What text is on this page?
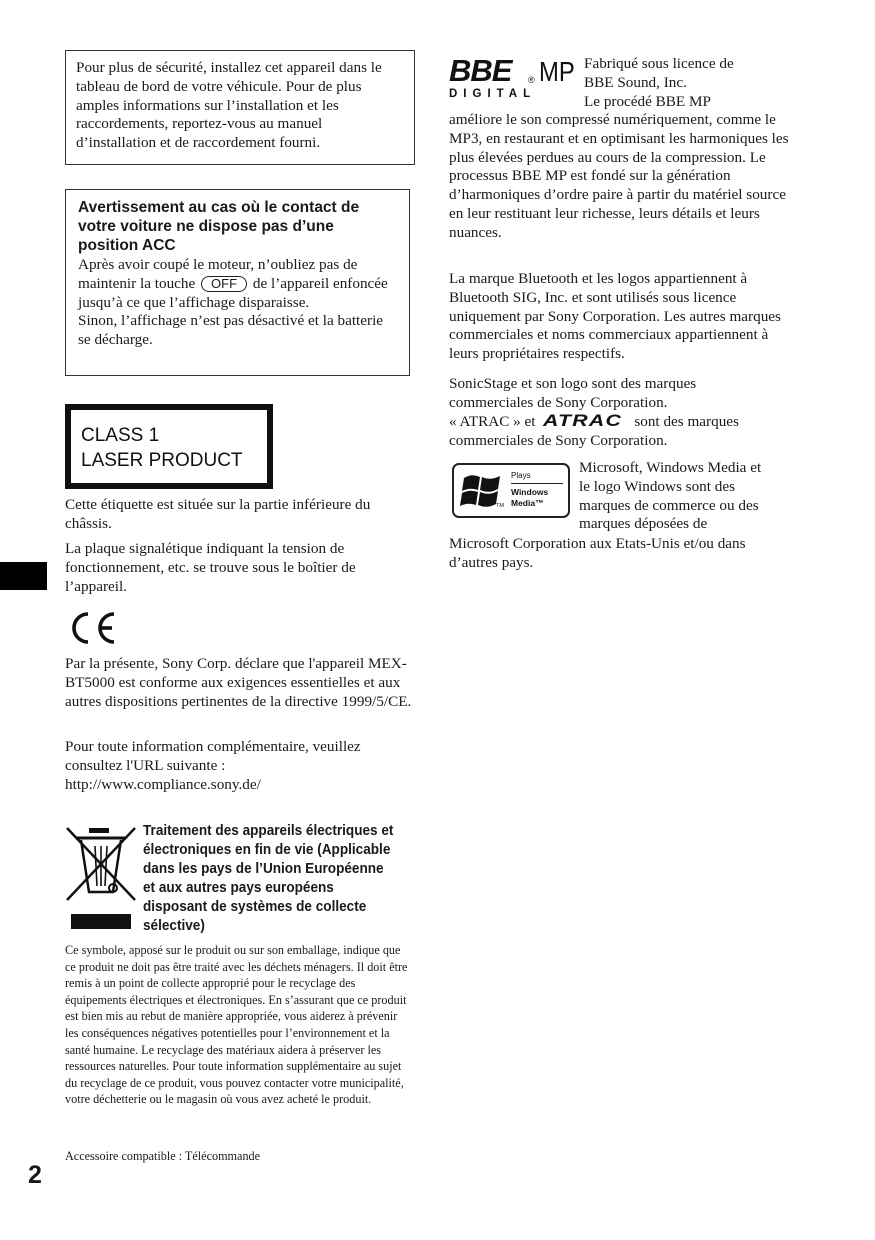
Pour plus de sécurité, installez cet appareil dans le tableau de bord de votre véhicule. Pour de plus amples informations sur l’installation et les raccordements, reportez-vous au manuel d’installation et de raccordement fourni.

Avertissement au cas où le contact de votre voiture ne dispose pas d’une position ACC

Après avoir coupé le moteur, n’oubliez pas de maintenir la touche OFF de l’appareil enfoncée jusqu’à ce que l’affichage disparaisse.

Sinon, l’affichage n’est pas désactivé et la batterie se décharge.

CLASS 1
LASER PRODUCT

Cette étiquette est située sur la partie inférieure du châssis.

La plaque signalétique indiquant la tension de fonctionnement, etc. se trouve sous le boîtier de l’appareil.

Par la présente, Sony Corp. déclare que l'appareil MEX-BT5000 est conforme aux exigences essentielles et aux autres dispositions pertinentes de la directive 1999/5/CE.

Pour toute information complémentaire, veuillez consultez l'URL suivante :
http://www.compliance.sony.de/

Traitement des appareils électriques et électroniques en fin de vie (Applicable dans les pays de l’Union Européenne et aux autres pays européens disposant de systèmes de collecte sélective)

Ce symbole, apposé sur le produit ou sur son emballage, indique que ce produit ne doit pas être traité avec les déchets ménagers. Il doit être remis à un point de collecte approprié pour le recyclage des équipements électriques et électroniques. En s’assurant que ce produit est bien mis au rebut de manière appropriée, vous aiderez à prévenir les conséquences négatives potentielles pour l’environnement et la santé humaine. Le recyclage des matériaux aidera à préserver les ressources naturelles. Pour toute information supplémentaire au sujet du recyclage de ce produit, vous pouvez contacter votre municipalité, votre déchetterie ou le magasin où vous avez acheté le produit.

Accessoire compatible : Télécommande

2
BBE ® MP
DIGITAL
Fabriqué sous licence de
BBE Sound, Inc.
Le procédé BBE MP

améliore le son compressé numériquement, comme le MP3, en restaurant et en optimisant les harmoniques les plus élevées perdues au cours de la compression. Le processus BBE MP est fondé sur la génération d’harmoniques d’ordre paire à partir du matériel source en leur restituant leur richesse, leurs détails et leurs nuances.

La marque Bluetooth et les logos appartiennent à Bluetooth SIG, Inc. et sont utilisés sous licence uniquement par Sony Corporation. Les autres marques commerciales et noms commerciaux appartiennent à leurs propriétaires respectifs.

SonicStage et son logo sont des marques commerciales de Sony Corporation.

« ATRAC » et ATRAC sont des marques
commerciales de Sony Corporation.
TM
Plays
Windows
Media™
Microsoft, Windows Media et
le logo Windows sont des
marques de commerce ou des
marques déposées de

Microsoft Corporation aux Etats-Unis et/ou dans d’autres pays.
